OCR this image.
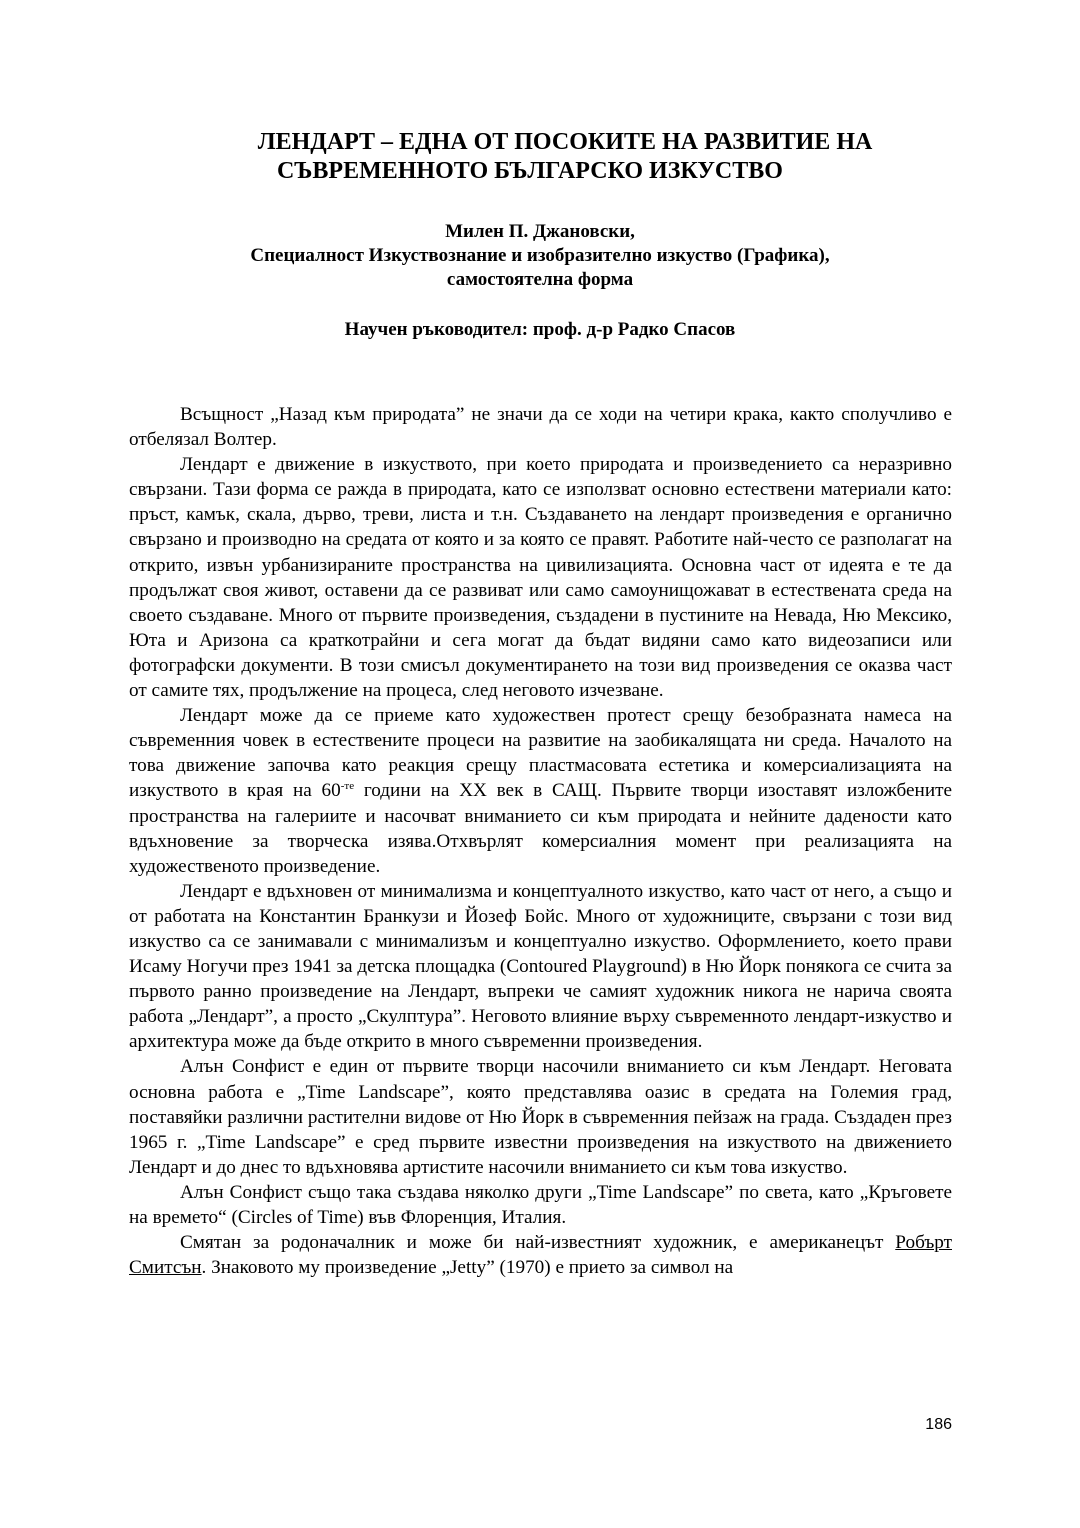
ЛЕНДАРТ – ЕДНА ОТ ПОСОКИТЕ НА РАЗВИТИЕ НА
СЪВРЕМЕННОТО БЪЛГАРСКО ИЗКУСТВО
Милен П. Джановски,
Специалност Изкуствознание и изобразително изкуство (Графика),
самостоятелна форма
Научен ръководител: проф. д-р Радко Спасов

Всъщност „Назад към природата” не значи да се ходи на четири крака, както сполучливо е отбелязал Волтер.

Лендарт е движение в изкуството, при което природата и произведението са неразривно свързани. Тази форма се ражда в природата, като се използват основно естествени материали като: пръст, камък, скала, дърво, треви, листа и т.н. Създаването на лендарт произведения е органично свързано и производно на средата от която и за която се правят. Работите най-често се разполагат на открито, извън урбанизираните пространства на цивилизацията. Основна част от идеята е те да продължат своя живот, оставени да се развиват или само самоунищожават в естествената среда на своето създаване. Много от първите произведения, създадени в пустините на Невада, Ню Мексико, Юта и Аризона са краткотрайни и сега могат да бъдат видяни само като видеозаписи или фотографски документи. В този смисъл документирането на този вид произведения се оказва част от самите тях, продължение на процеса, след неговото изчезване.

Лендарт може да се приеме като художествен протест срещу безобразната намеса на съвременния човек в естествените процеси на развитие на заобикалящата ни среда. Началото на това движение започва като реакция срещу пластмасовата естетика и комерсиализацията на изкуството в края на $60^{-те}$ години на XX век в САЩ. Първите творци изоставят изложбените пространства на галериите и насочват вниманието си към природата и нейните дадености като вдъхновение за творческа изява.Отхвърлят комерсиалния момент при реализацията на художественото произведение.

Лендарт е вдъхновен от минимализма и концептуалното изкуство, като част от него, а също и от работата на Константин Бранкузи и Йозеф Бойс. Много от художниците, свързани с този вид изкуство са се занимавали с минимализъм и концептуално изкуство. Оформлението, което прави Исаму Ногучи през 1941 за детска площадка (Contoured Playground) в Ню Йорк понякога се счита за първото ранно произведение на Лендарт, въпреки че самият художник никога не нарича своята работа „Лендарт”, а просто „Скулптура”. Неговото влияние върху съвременното лендарт-изкуство и архитектура може да бъде открито в много съвременни произведения.

Алън Сонфист е един от първите творци насочили вниманието си към Лендарт. Неговата основна работа е „Time Landscape”, която представлява оазис в средата на Големия град, поставяйки различни растителни видове от Ню Йорк в съвременния пейзаж на града. Създаден през 1965 г. „Time Landscape” е сред първите известни произведения на изкуството на движението Лендарт и до днес то вдъхновява артистите насочили вниманието си към това изкуство.

Алън Сонфист също така създава няколко други „Time Landscape” по света, като „Кръговете на времето“ (Circles of Time) във Флоренция, Италия.

Смятан за родоначалник и може би най-известният художник, е американецът Робърт Смитсън. Знаковото му произведение „Jetty” (1970) е прието за символ на

186
